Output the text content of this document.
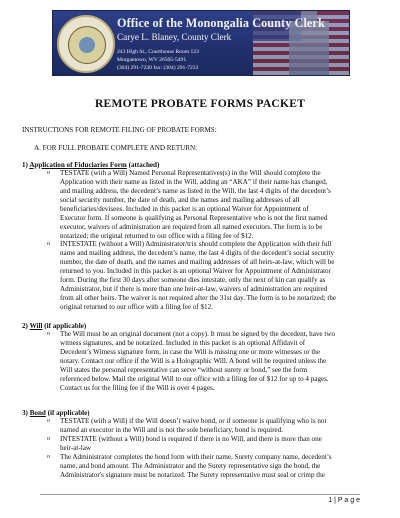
Office of the Monongalia County Clerk
Carye L. Blaney, County Clerk
243 High St., Courthouse Room 123
Morgantown, WV 26505-5491
(304) 291-7230 fax: (304) 291-7233
REMOTE PROBATE FORMS PACKET
INSTRUCTIONS FOR REMOTE FILING OF PROBATE FORMS:
A. FOR FULL PROBATE COMPLETE AND RETURN:
1) Application of Fiduciaries Form (attached)
o TESTATE (with a Will) Named Personal Representatives(s) in the Will should complete the
Application with their name as listed in the Will, adding an “AKA” if their name has changed,
and mailing address, the decedent’s name as listed in the Will, the last 4 digits of the decedent’s
social security number, the date of death, and the names and mailing addresses of all
beneficiaries/devisees. Included in this packet is an optional Waiver for Appointment of
Executor form. If someone is qualifying as Personal Representative who is not the first named
executor, waivers of administration are required from all named executors. The form is to be
notarized; the original returned to our office with a filing fee of $12.
o INTESTATE (without a Will) Administrator/trix should complete the Application with their full
name and mailing address, the decedent’s name, the last 4 digits of the decedent’s social security
number, the date of death, and the names and mailing addresses of all heirs-at-law, which will be
returned to you. Included in this packet is an optional Waiver for Appointment of Administrator
form. During the first 30 days after someone dies intestate, only the next of kin can qualify as
Administrator, but if there is more than one heir-at-law, waivers of administration are required
from all other heirs. The waiver is not required after the 31st day. The form is to be notarized; the
original returned to our office with a filing fee of $12.
2) Will (if applicable)
o The Will must be an original document (not a copy). It must be signed by the decedent, have two
witness signatures, and be notarized. Included in this packet is an optional Affidavit of
Decedent’s Witness signature form, in case the Will is missing one or more witnesses or the
notary. Contact our office if the Will is a Holographic Will. A bond will be required unless the
Will states the personal representative can serve “without surety or bond,” see the form
referenced below. Mail the original Will to our office with a filing fee of $12 for up to 4 pages.
Contact us for the filing fee if the Will is over 4 pages.
3) Bond (if applicable)
o TESTATE (with a Will) if the Will doesn’t waive bond, or if someone is qualifying who is not
named an executor in the Will and is not the sole beneficiary, bond is required.
o INTESTATE (without a Will) bond is required if there is no Will, and there is more than one
heir-at-law
o The Administrator completes the bond form with their name, Surety company name, decedent’s
name, and bond amount. The Administrator and the Surety representative sign the bond, the
Administrator's signature must be notarized. The Surety representative must seal or crimp the
1 | P a g e
